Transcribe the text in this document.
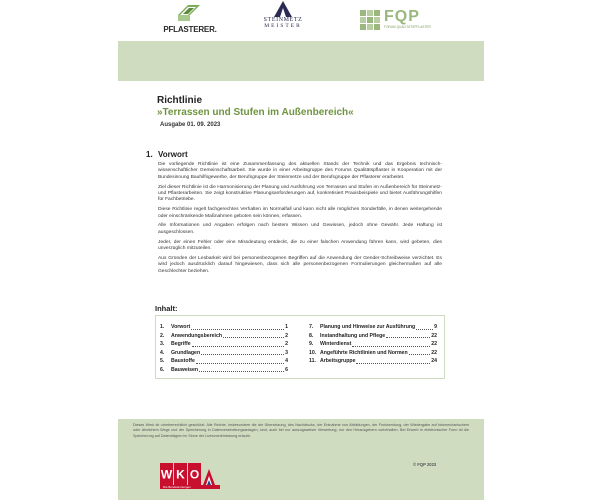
PFLASTERER.
STEINMETZ
MEISTER
FQP
FORUM QUALITÄTSPFLASTER
Richtlinie
»Terrassen und Stufen im Außenbereich«
Ausgabe 01. 09. 2023
1. Vorwort

Die vorliegende Richtlinie ist eine Zusammenfassung des aktuellen Stands der Technik und das Ergebnis technisch-wissenschaftlicher Gemeinschaftsarbeit. Sie wurde in einer Arbeitsgruppe des Forums Qualitätspflaster in Kooperation mit der Bundesinnung Bauhilfsgewerbe, der Berufsgruppe der Steinmetze und der Berufsgruppe der Pflasterer erarbeitet.

Ziel dieser Richtlinie ist die Harmonisierung der Planung und Ausführung von Terrassen und Stufen im Außenbereich für Steinmetz- und Pflasterarbeiten. Sie zeigt konstruktive Planungsanforderungen auf, konkretisiert Praxisbeispiele und bietet Ausführungshilfen für Fachbetriebe.

Diese Richtlinie regelt fachgerechtes Verhalten im Normalfall und kann nicht alle möglichen Sonderfälle, in denen weitergehende oder einschränkende Maßnahmen geboten sein können, erfassen.

Alle Informationen und Angaben erfolgen nach bestem Wissen und Gewissen, jedoch ohne Gewähr. Jede Haftung ist ausgeschlossen.

Jeder, der einen Fehler oder eine Missdeutung entdeckt, die zu einer falschen Anwendung führen kann, wird gebeten, dies unverzüglich mitzuteilen.

Aus Gründen der Lesbarkeit wird bei personenbezogenen Begriffen auf die Anwendung der Gender-Schreibweise verzichtet. Es wird jedoch ausdrücklich darauf hingewiesen, dass sich alle personenbezogenen Formulierungen gleichermaßen auf alle Geschlechter beziehen.

Inhalt:
1. Vorwort	1
2. Anwendungsbereich	2
3. Begriffe	2
4. Grundlagen	3
5. Baustoffe	4
6. Bauweisen	6
7. Planung und Hinweise zur Ausführung	9
8. Instandhaltung und Pflege	22
9. Winterdienst	22
10. Angeführte Richtlinien und Normen	22
11. Arbeitsgruppe	24
Dieses Werk ist urheberrechtlich geschützt. Alle Rechte, insbesondere die der Übersetzung, des Nachdrucks, der Entnahme von Abbildungen, der Funksendung, der Wiedergabe auf fotomechanischem oder ähnlichem Wege und der Speicherung in Datenverarbeitungsanlagen, sind, auch bei nur auszugsweiser Verwertung, nur den Herausgebern vorbehalten. Bei Erwerb in elektronischer Form ist die Speicherung auf Datenträgern im Sinne der Lizenzvereinbarung erlaubt.
W K O
Die Bundesinnungen
© FQP 2023
